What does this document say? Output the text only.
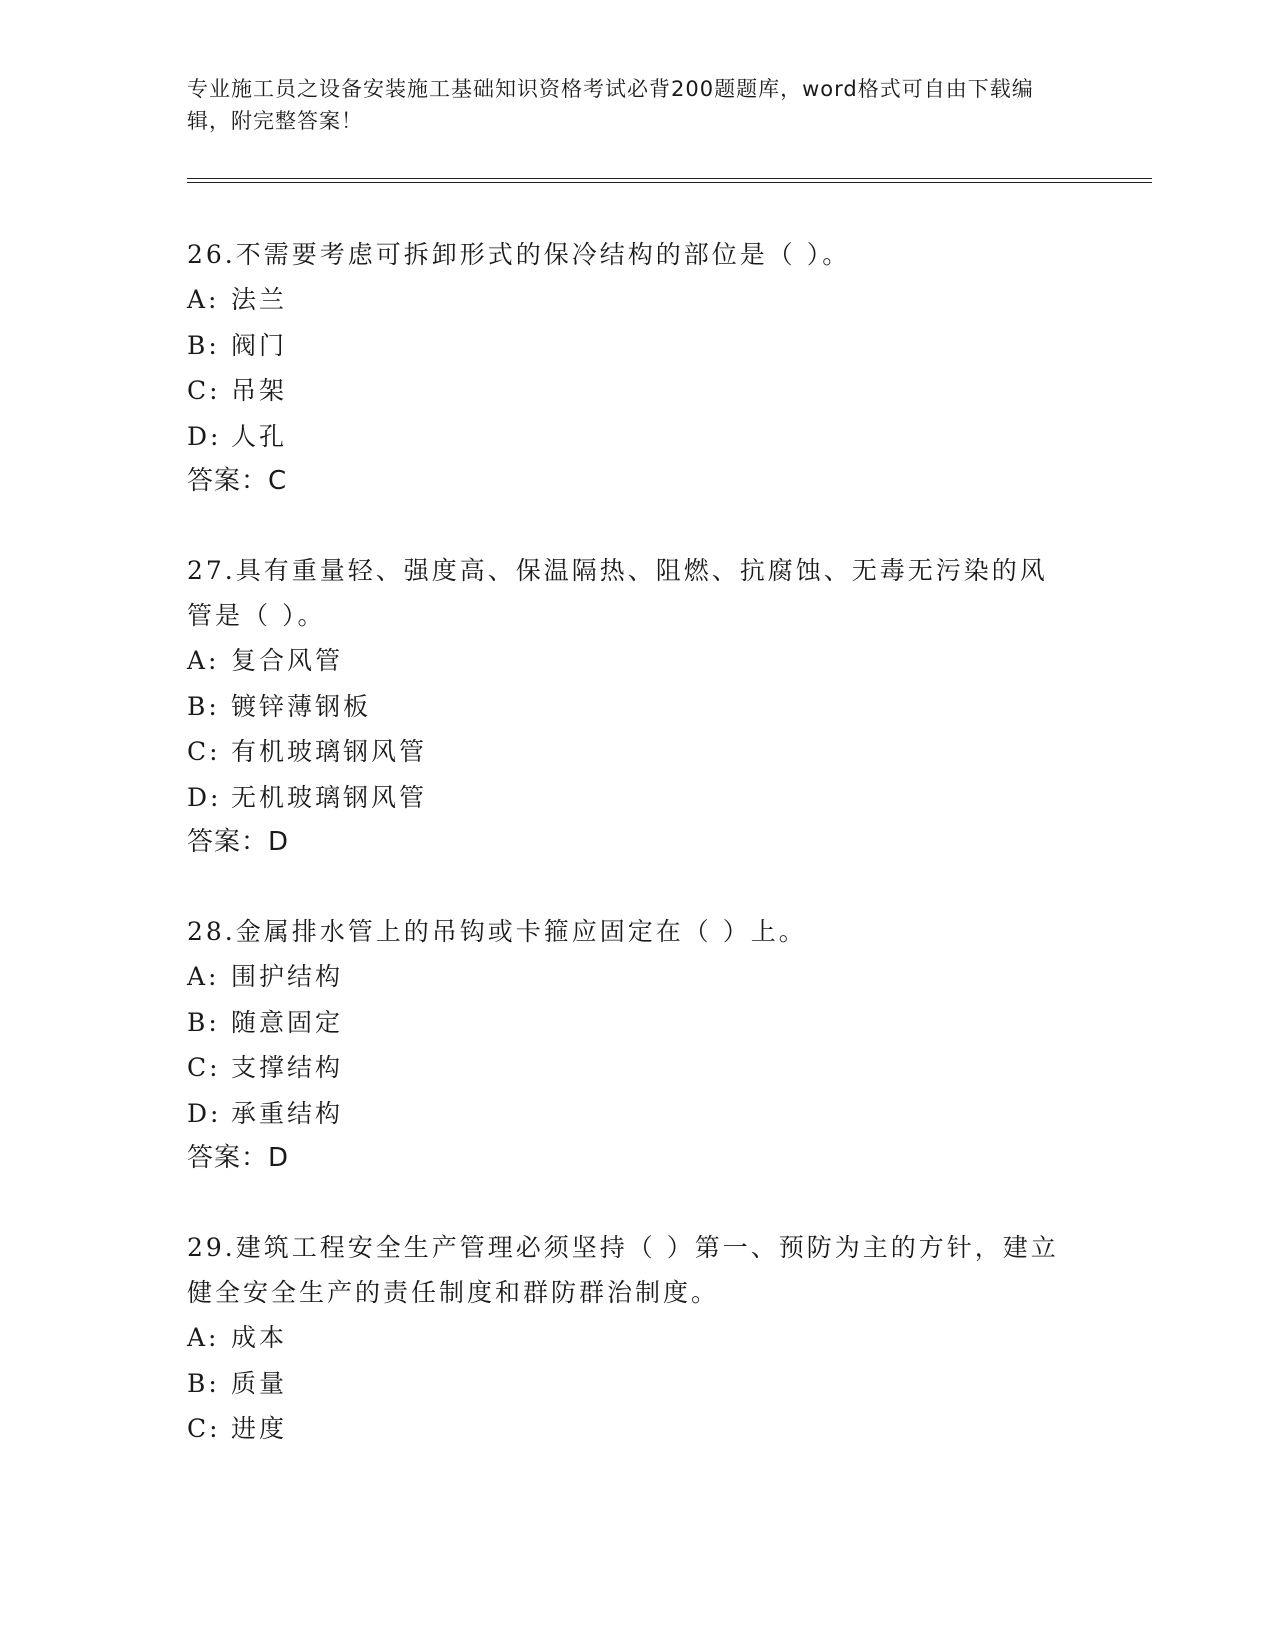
专业施工员之设备安装施工基础知识资格考试必背200题题库，word格式可自由下载编辑，附完整答案！
26.不需要考虑可拆卸形式的保冷结构的部位是（ ）。
A: 法兰
B: 阀门
C: 吊架
D: 人孔
答案：C
27.具有重量轻、强度高、保温隔热、阻燃、抗腐蚀、无毒无污染的风管是（ ）。
A: 复合风管
B: 镀锌薄钢板
C: 有机玻璃钢风管
D: 无机玻璃钢风管
答案：D
28.金属排水管上的吊钩或卡箍应固定在（ ）上。
A: 围护结构
B: 随意固定
C: 支撑结构
D: 承重结构
答案：D
29.建筑工程安全生产管理必须坚持（ ）第一、预防为主的方针，建立健全安全生产的责任制度和群防群治制度。
A: 成本
B: 质量
C: 进度
